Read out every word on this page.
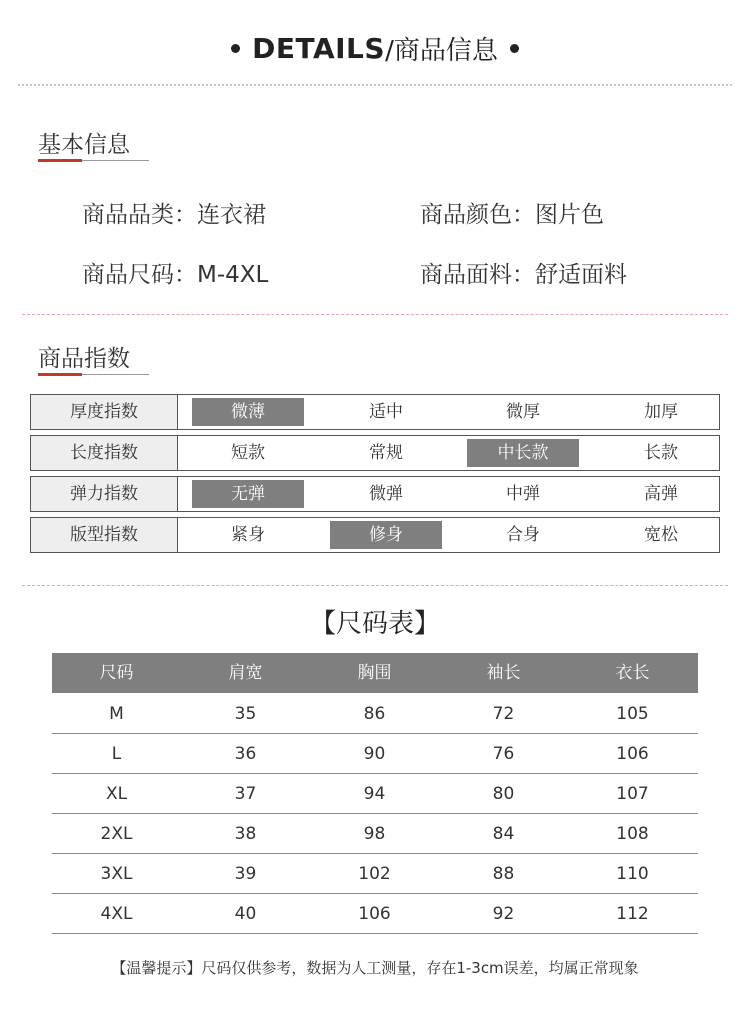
DETAILS/商品信息
基本信息
商品品类：连衣裙	商品颜色：图片色
商品尺码：M-4XL	商品面料：舒适面料
商品指数
厚度指数	微薄	适中	微厚	加厚
长度指数	短款	常规	中长款	长款
弹力指数	无弹	微弹	中弹	高弹
版型指数	紧身	修身	合身	宽松
【尺码表】
尺码	肩宽	胸围	袖长	衣长
M	35	86	72	105
L	36	90	76	106
XL	37	94	80	107
2XL	38	98	84	108
3XL	39	102	88	110
4XL	40	106	92	112
【温馨提示】尺码仅供参考，数据为人工测量，存在1-3cm误差，均属正常现象
